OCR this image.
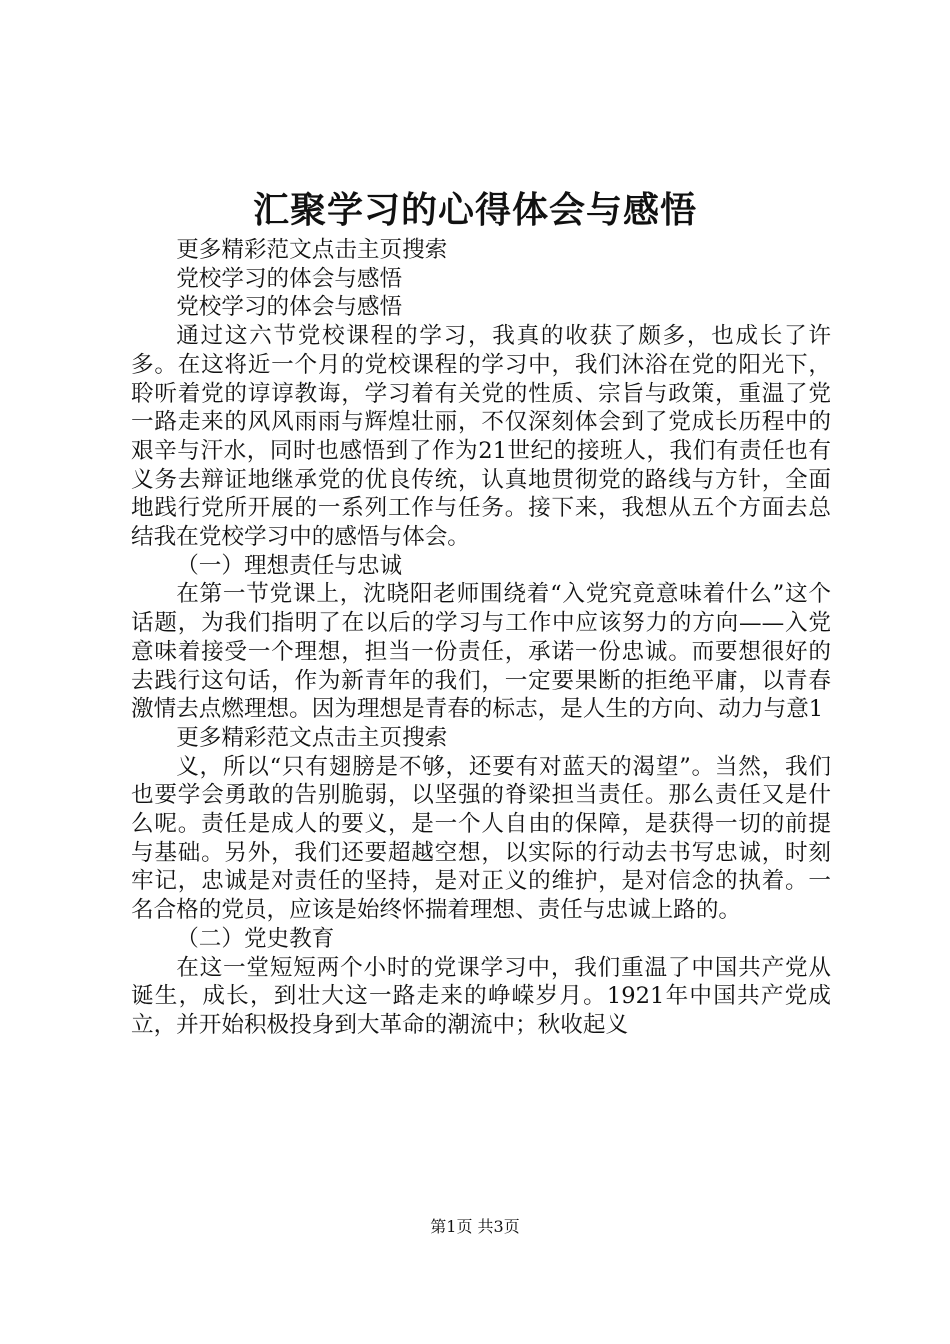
汇聚学习的心得体会与感悟

更多精彩范文点击主页搜索

党校学习的体会与感悟

党校学习的体会与感悟

通过这六节党校课程的学习，我真的收获了颇多，也成长了许多。在这将近一个月的党校课程的学习中，我们沐浴在党的阳光下，聆听着党的谆谆教诲，学习着有关党的性质、宗旨与政策，重温了党一路走来的风风雨雨与辉煌壮丽，不仅深刻体会到了党成长历程中的艰辛与汗水，同时也感悟到了作为21世纪的接班人，我们有责任也有义务去辩证地继承党的优良传统，认真地贯彻党的路线与方针，全面地践行党所开展的一系列工作与任务。接下来，我想从五个方面去总结我在党校学习中的感悟与体会。

（一）理想责任与忠诚

在第一节党课上，沈晓阳老师围绕着“入党究竟意味着什么”这个话题，为我们指明了在以后的学习与工作中应该努力的方向——入党意味着接受一个理想，担当一份责任，承诺一份忠诚。而要想很好的去践行这句话，作为新青年的我们，一定要果断的拒绝平庸，以青春激情去点燃理想。因为理想是青春的标志，是人生的方向、动力与意1

更多精彩范文点击主页搜索

义，所以“只有翅膀是不够，还要有对蓝天的渴望”。当然，我们也要学会勇敢的告别脆弱，以坚强的脊梁担当责任。那么责任又是什么呢。责任是成人的要义，是一个人自由的保障，是获得一切的前提与基础。另外，我们还要超越空想，以实际的行动去书写忠诚，时刻牢记，忠诚是对责任的坚持，是对正义的维护，是对信念的执着。一名合格的党员，应该是始终怀揣着理想、责任与忠诚上路的。

（二）党史教育

在这一堂短短两个小时的党课学习中，我们重温了中国共产党从诞生，成长，到壮大这一路走来的峥嵘岁月。1921年中国共产党成立，并开始积极投身到大革命的潮流中；秋收起义

第1页 共3页
